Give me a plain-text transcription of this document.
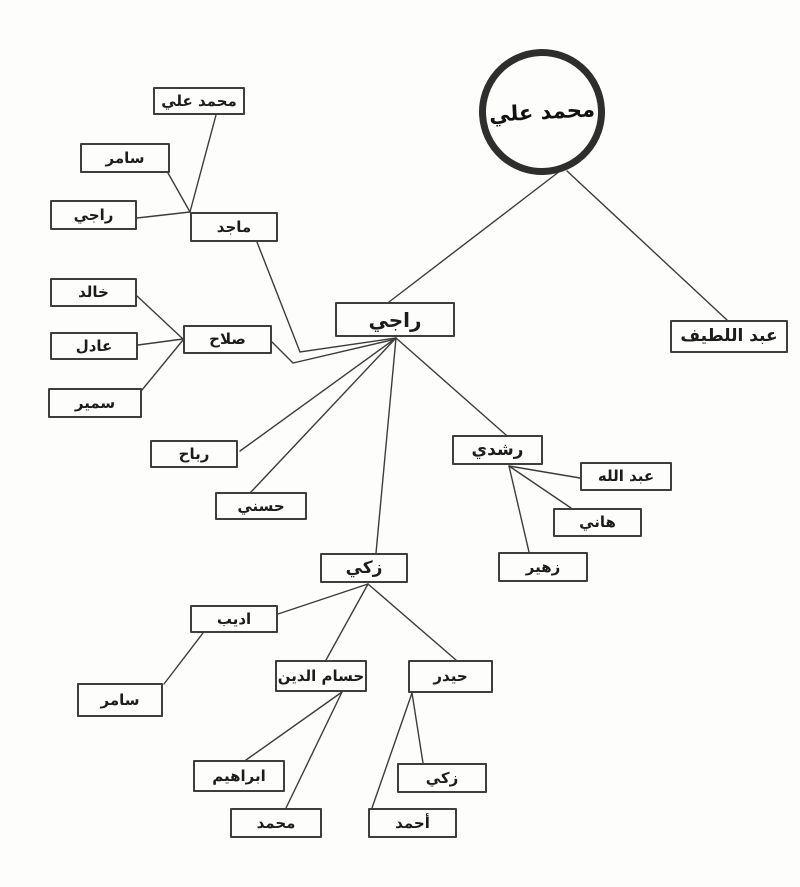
محمد علي
محمد علي
سامر
راجي
ماجد
خالد
عادل
سمير
صلاح
راجي
عبد اللطيف
رباح
حسني
رشدي
عبد الله
هاني
زهير
زكي
اديب
سامر
حسام الدين	حيدر
ابراهيم
محمد
زكي
أحمد
